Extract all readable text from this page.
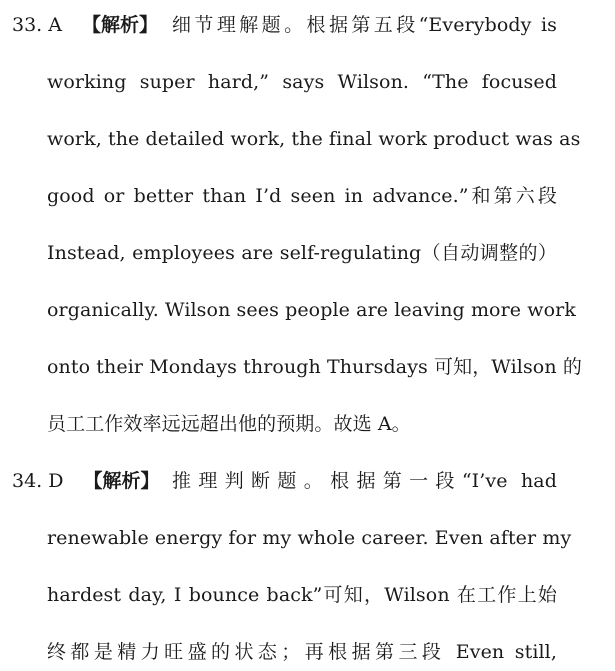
33. A 【解析】 细节理解题。根据第五段“Everybody is
working super hard,” says Wilson. “The focused
work, the detailed work, the final work product was as
good or better than I’d seen in advance.”和第六段
Instead, employees are self-regulating（自动调整的）
organically. Wilson sees people are leaving more work
onto their Mondays through Thursdays 可知，Wilson 的
员工工作效率远远超出他的预期。故选 A。
34. D 【解析】 推理判断题。根据第一段“I’ve had
renewable energy for my whole career. Even after my
hardest day, I bounce back”可知，Wilson 在工作上始
终都是精力旺盛的状态；再根据第三段 Even still,
